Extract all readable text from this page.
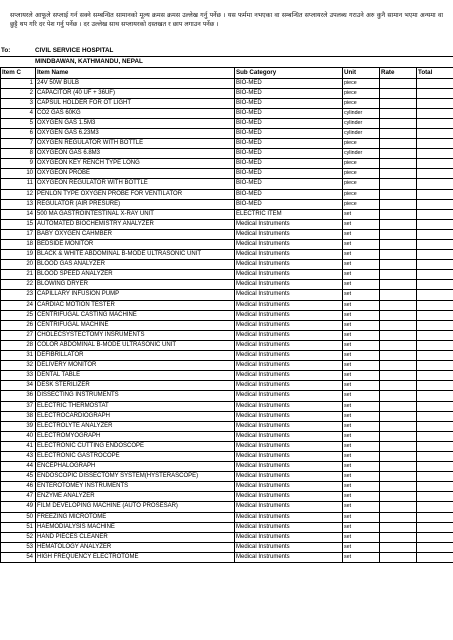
सप्लायरले आफूले सप्लाई गर्न सक्ने सम्बन्धित सामानको मूल्य क्रमस क्रमस उल्लेख गर्नु पर्नेछ । यस फर्ममा नभएका वा सम्बन्धित सप्लायरले उपलब्ध गराउने अरु कुनै सामान भएमा अन्यमा वा छुट्टै थप गरि दर पेश गर्नु पर्नेछ । दर उल्लेख साथ सप्लायरको दस्तखत र छाप लगाउन पर्नेछ ।
To:	CIVIL SERVICE HOSPITAL
MINDBAWAN, KATHMANDU, NEPAL
Item C	Item Name	Sub Category	Unit	Rate	Total
1	24V 50W BULB	BIO-MED	piece		
2	CAPACITOR (40 UF + 36UF)	BIO-MED	piece		
3	CAPSUL HOLDER FOR OT LIGHT	BIO-MED	piece		
4	CO2 GAS 60KG	BIO-MED	cylinder		
5	OXYGEN GAS 1.5M3	BIO-MED	cylinder		
6	OXYGEN GAS 6.23M3	BIO-MED	cylinder		
7	OXYGEN REGULATOR WITH BOTTLE	BIO-MED	piece		
8	OXYGEON GAS 6.8M3	BIO-MED	cylinder		
9	OXYGEON KEY RENCH TYPE LONG	BIO-MED	piece		
10	OXYGEON PROBE	BIO-MED	piece		
11	OXYGEON REGULATOR WITH BOTTLE	BIO-MED	piece		
12	PENLON TYPE OXYGEN PROBE FOR VENTILATOR	BIO-MED	piece		
13	REGULATOR (AIR PRESURE)	BIO-MED	piece		
14	500 MA GASTROINTESTINAL X-RAY UNIT	ELECTRIC ITEM	set		
15	AUTOMATED BIOCHEMISTRY ANALYZER	Medical Instruments	set		
17	BABY OXYGEN CAHMBER	Medical Instruments	set		
18	BEDSIDE MONITOR	Medical Instruments	set		
19	BLACK & WHITE ABDOMINAL B-MODE ULTRASONIC UNIT	Medical Instruments	set		
20	BLOOD GAS ANALYZER	Medical Instruments	set		
21	BLOOD SPEED ANALYZER	Medical Instruments	set		
22	BLOWING DRYER	Medical Instruments	set		
23	CAPILLARY INFUSION PUMP	Medical Instruments	set		
24	CARDIAC MOTION TESTER	Medical Instruments	set		
25	CENTRIFUGAL CASTING MACHINE	Medical Instruments	set		
26	CENTRIFUGAL MACHINE	Medical Instruments	set		
27	CHOLECSYSTECTOMY INSRUMENTS	Medical Instruments	set		
28	COLOR ABDOMINAL B-MODE ULTRASONIC UNIT	Medical Instruments	set		
31	DEFIBRILLATOR	Medical Instruments	set		
32	DELIVERY MONITOR	Medical Instruments	set		
33	DENTAL TABLE	Medical Instruments	set		
34	DESK STERILIZER	Medical Instruments	set		
36	DISSECTING INSTRUMENTS	Medical Instruments	set		
37	ELECTRIC THERMOSTAT	Medical Instruments	set		
38	ELECTROCARDIOGRAPH	Medical Instruments	set		
39	ELECTROLYTE ANALYZER	Medical Instruments	set		
40	ELECTROMYOGRAPH	Medical Instruments	set		
41	ELECTRONIC CUTTING ENDOSCOPE	Medical Instruments	set		
43	ELECTRONIC GASTROCOPE	Medical Instruments	set		
44	ENCEPHALOGRAPH	Medical Instruments	set		
45	ENDOSCOPIC DISSECTOMY SYSTEM(HYSTERASCOPE)	Medical Instruments	set		
46	ENTEROTOMEY INSTRUMENTS	Medical Instruments	set		
47	ENZYME ANALYZER	Medical Instruments	set		
49	FILM DEVELOPING MACHINE (AUTO PROSESAR)	Medical Instruments	set		
50	FREEZING MICROTOME	Medical Instruments	set		
51	HAEMODIALYSIS MACHINE	Medical Instruments	set		
52	HAND PIECES CLEANER	Medical Instruments	set		
53	HEMATOLOGY ANALYZER	Medical Instruments	set		
54	HIGH FREQUENCY ELECTROTOME	Medical Instruments	set		
